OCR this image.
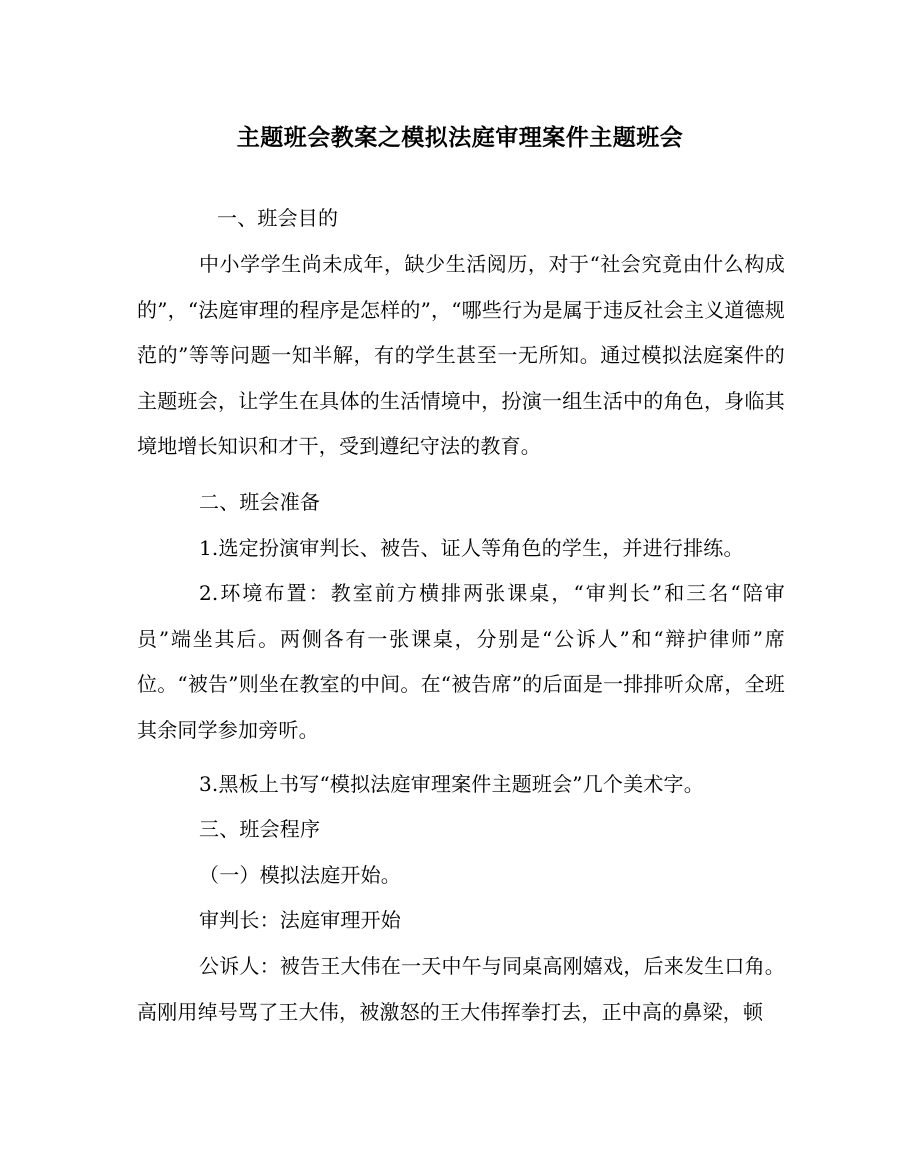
主题班会教案之模拟法庭审理案件主题班会
一、班会目的
中小学学生尚未成年，缺少生活阅历，对于“社会究竟由什么构成的”，“法庭审理的程序是怎样的”，“哪些行为是属于违反社会主义道德规范的”等等问题一知半解，有的学生甚至一无所知。通过模拟法庭案件的主题班会，让学生在具体的生活情境中，扮演一组生活中的角色，身临其境地增长知识和才干，受到遵纪守法的教育。
二、班会准备
1.选定扮演审判长、被告、证人等角色的学生，并进行排练。
2.环境布置：教室前方横排两张课桌，“审判长”和三名“陪审员”端坐其后。两侧各有一张课桌，分别是“公诉人”和“辩护律师”席位。“被告”则坐在教室的中间。在“被告席”的后面是一排排听众席，全班其余同学参加旁听。
3.黑板上书写“模拟法庭审理案件主题班会”几个美术字。
三、班会程序
（一）模拟法庭开始。
审判长：法庭审理开始
公诉人：被告王大伟在一天中午与同桌高刚嬉戏，后来发生口角。高刚用绰号骂了王大伟，被激怒的王大伟挥拳打去，正中高的鼻梁，顿
